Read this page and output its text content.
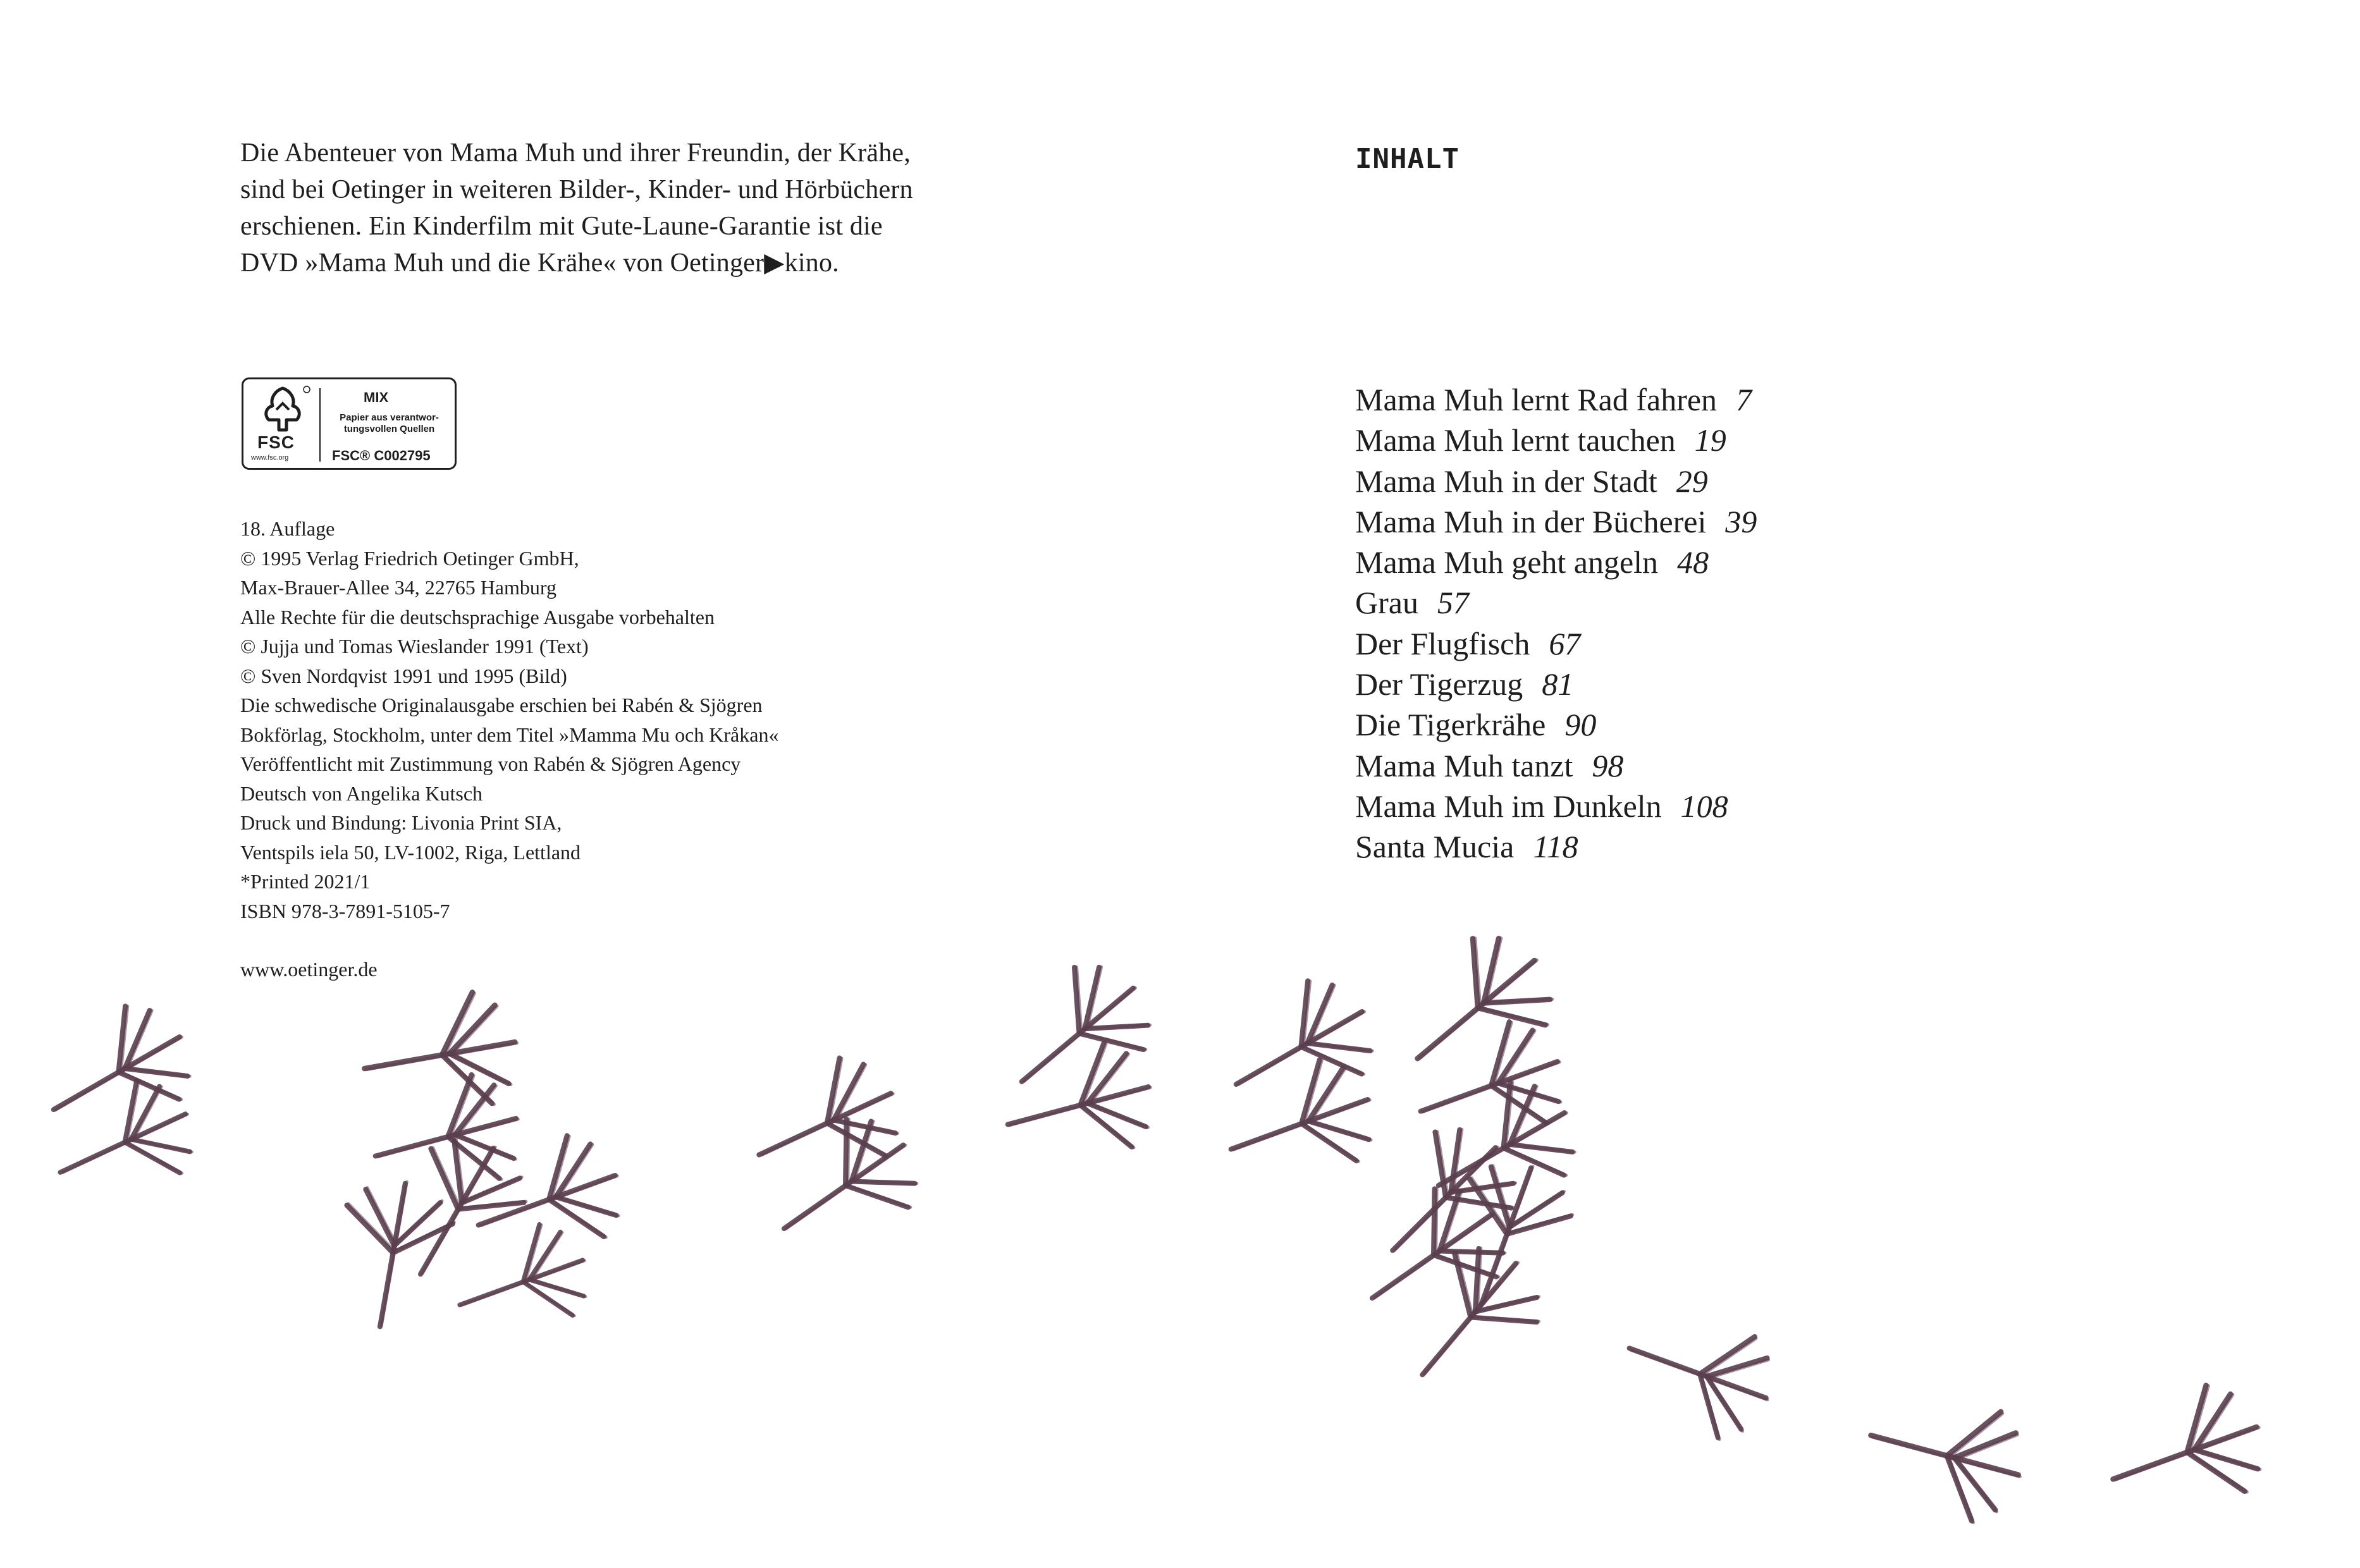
Die Abenteuer von Mama Muh und ihrer Freundin, der Krähe,
sind bei Oetinger in weiteren Bilder-, Kinder- und Hörbüchern
erschienen. Ein Kinderfilm mit Gute-Laune-Garantie ist die
DVD »Mama Muh und die Krähe« von Oetinger▶kino.
FSC
www.fsc.org
MIX
Papier aus verantwor-
tungsvollen Quellen
FSC® C002795
18. Auflage
© 1995 Verlag Friedrich Oetinger GmbH,
Max-Brauer-Allee 34, 22765 Hamburg
Alle Rechte für die deutschsprachige Ausgabe vorbehalten
© Jujja und Tomas Wieslander 1991 (Text)
© Sven Nordqvist 1991 und 1995 (Bild)
Die schwedische Originalausgabe erschien bei Rabén & Sjögren
Bokförlag, Stockholm, unter dem Titel »Mamma Mu och Kråkan«
Veröffentlicht mit Zustimmung von Rabén & Sjögren Agency
Deutsch von Angelika Kutsch
Druck und Bindung: Livonia Print SIA,
Ventspils iela 50, LV-1002, Riga, Lettland
*Printed 2021/1
ISBN 978-3-7891-5105-7
www.oetinger.de
INHALT
Mama Muh lernt Rad fahren 7
Mama Muh lernt tauchen 19
Mama Muh in der Stadt 29
Mama Muh in der Bücherei 39
Mama Muh geht angeln 48
Grau 57
Der Flugfisch 67
Der Tigerzug 81
Die Tigerkrähe 90
Mama Muh tanzt 98
Mama Muh im Dunkeln 108
Santa Mucia 118
